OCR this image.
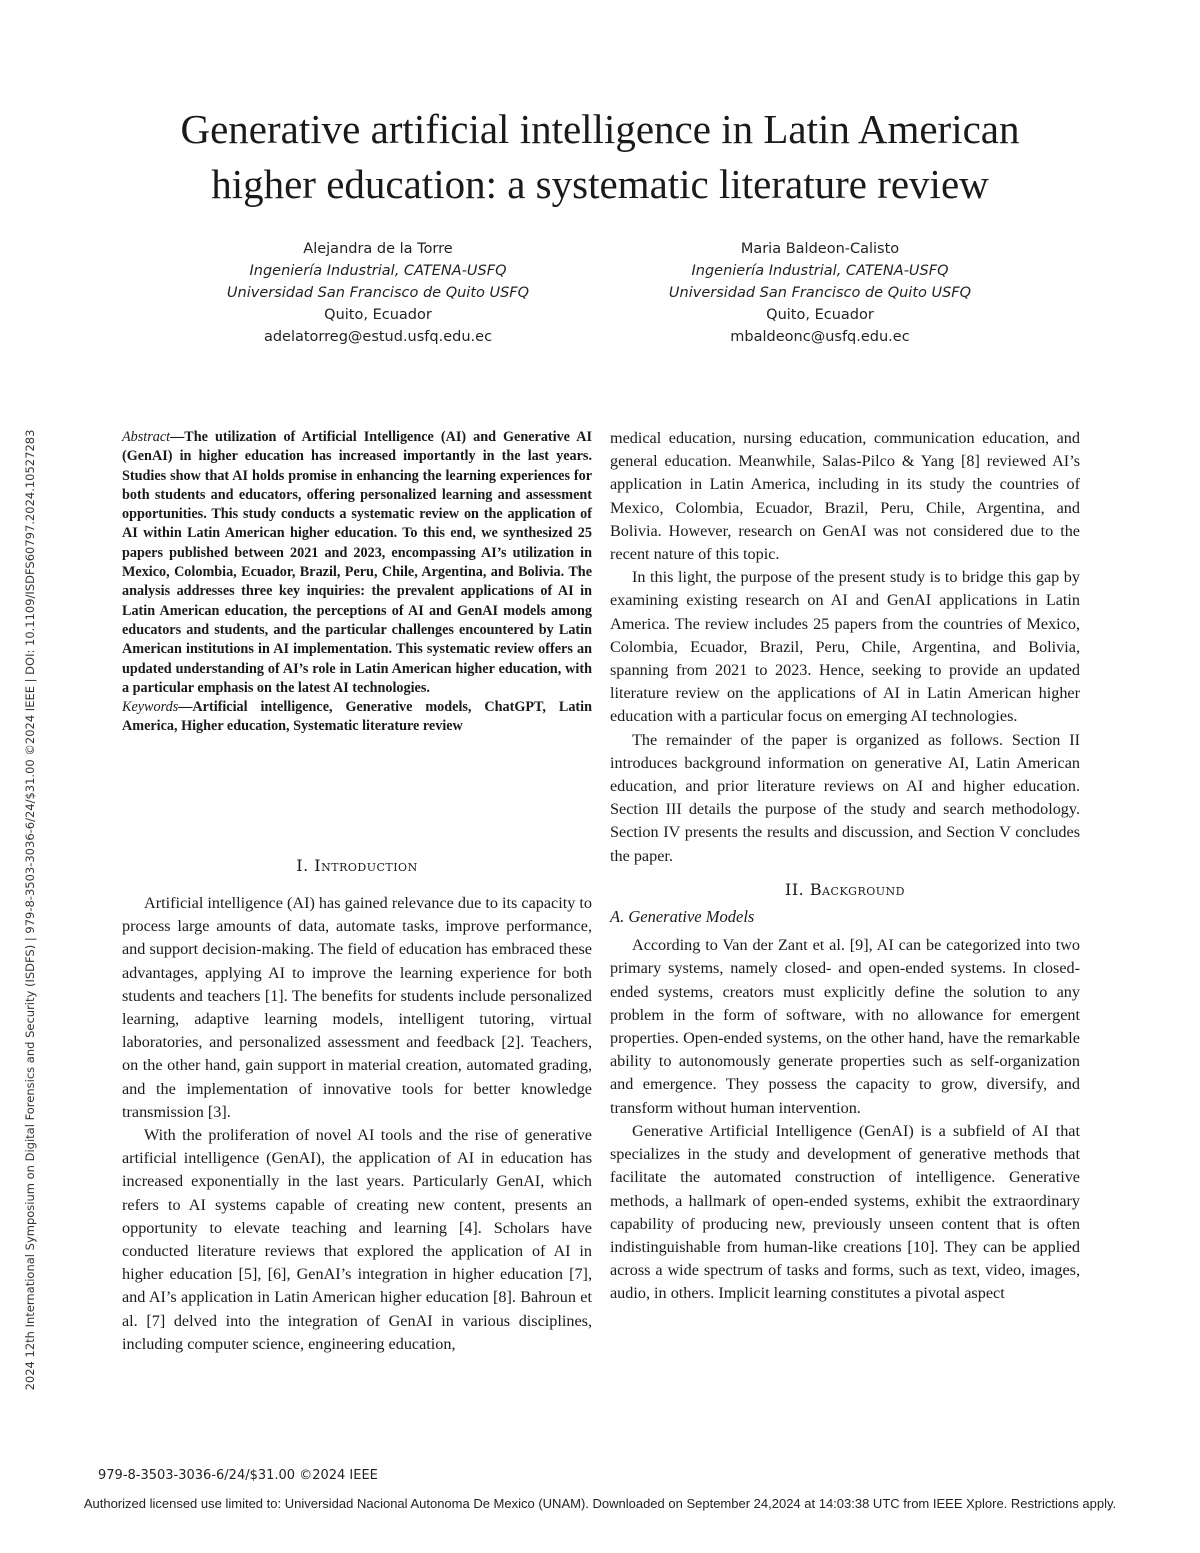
Generative artificial intelligence in Latin American
higher education: a systematic literature review
Alejandra de la Torre
Ingeniería Industrial, CATENA-USFQ
Universidad San Francisco de Quito USFQ
Quito, Ecuador
adelatorreg@estud.usfq.edu.ec
Maria Baldeon-Calisto
Ingeniería Industrial, CATENA-USFQ
Universidad San Francisco de Quito USFQ
Quito, Ecuador
mbaldeonc@usfq.edu.ec
2024 12th International Symposium on Digital Forensics and Security (ISDFS) | 979-8-3503-3036-6/24/$31.00 ©2024 IEEE | DOI: 10.1109/ISDFS60797.2024.10527283	Abstract—The utilization of Artificial Intelligence (AI) and Generative AI (GenAI) in higher education has increased importantly in the last years. Studies show that AI holds promise in enhancing the learning experiences for both students and educators, offering personalized learning and assessment opportunities. This study conducts a systematic review on the application of AI within Latin American higher education. To this end, we synthesized 25 papers published between 2021 and 2023, encompassing AI’s utilization in Mexico, Colombia, Ecuador, Brazil, Peru, Chile, Argentina, and Bolivia. The analysis addresses three key inquiries: the prevalent applications of AI in Latin American education, the perceptions of AI and GenAI models among educators and students, and the particular challenges encountered by Latin American institutions in AI implementation. This systematic review offers an updated understanding of AI’s role in Latin American higher education, with a particular emphasis on the latest AI technologies.

Keywords—Artificial intelligence, Generative models, ChatGPT, Latin America, Higher education, Systematic literature review

I. Introduction

Artificial intelligence (AI) has gained relevance due to its capacity to process large amounts of data, automate tasks, improve performance, and support decision-making. The field of education has embraced these advantages, applying AI to improve the learning experience for both students and teachers [1]. The benefits for students include personalized learning, adaptive learning models, intelligent tutoring, virtual laboratories, and personalized assessment and feedback [2]. Teachers, on the other hand, gain support in material creation, automated grading, and the implementation of innovative tools for better knowledge transmission [3].

With the proliferation of novel AI tools and the rise of generative artificial intelligence (GenAI), the application of AI in education has increased exponentially in the last years. Particularly GenAI, which refers to AI systems capable of creating new content, presents an opportunity to elevate teaching and learning [4]. Scholars have conducted literature reviews that explored the application of AI in higher education [5], [6], GenAI’s integration in higher education [7], and AI’s application in Latin American higher education [8]. Bahroun et al. [7] delved into the integration of GenAI in various disciplines, including computer science, engineering education,

medical education, nursing education, communication education, and general education. Meanwhile, Salas-Pilco & Yang [8] reviewed AI’s application in Latin America, including in its study the countries of Mexico, Colombia, Ecuador, Brazil, Peru, Chile, Argentina, and Bolivia. However, research on GenAI was not considered due to the recent nature of this topic.

In this light, the purpose of the present study is to bridge this gap by examining existing research on AI and GenAI applications in Latin America. The review includes 25 papers from the countries of Mexico, Colombia, Ecuador, Brazil, Peru, Chile, Argentina, and Bolivia, spanning from 2021 to 2023. Hence, seeking to provide an updated literature review on the applications of AI in Latin American higher education with a particular focus on emerging AI technologies.

The remainder of the paper is organized as follows. Section II introduces background information on generative AI, Latin American education, and prior literature reviews on AI and higher education. Section III details the purpose of the study and search methodology. Section IV presents the results and discussion, and Section V concludes the paper.

II. Background
A. Generative Models

According to Van der Zant et al. [9], AI can be categorized into two primary systems, namely closed- and open-ended systems. In closed-ended systems, creators must explicitly define the solution to any problem in the form of software, with no allowance for emergent properties. Open-ended systems, on the other hand, have the remarkable ability to autonomously generate properties such as self-organization and emergence. They possess the capacity to grow, diversify, and transform without human intervention.

Generative Artificial Intelligence (GenAI) is a subfield of AI that specializes in the study and development of generative methods that facilitate the automated construction of intelligence. Generative methods, a hallmark of open-ended systems, exhibit the extraordinary capability of producing new, previously unseen content that is often indistinguishable from human-like creations [10]. They can be applied across a wide spectrum of tasks and forms, such as text, video, images, audio, in others. Implicit learning constitutes a pivotal aspect

979-8-3503-3036-6/24/$31.00 ©2024 IEEE
Authorized licensed use limited to: Universidad Nacional Autonoma De Mexico (UNAM). Downloaded on September 24,2024 at 14:03:38 UTC from IEEE Xplore. Restrictions apply.
